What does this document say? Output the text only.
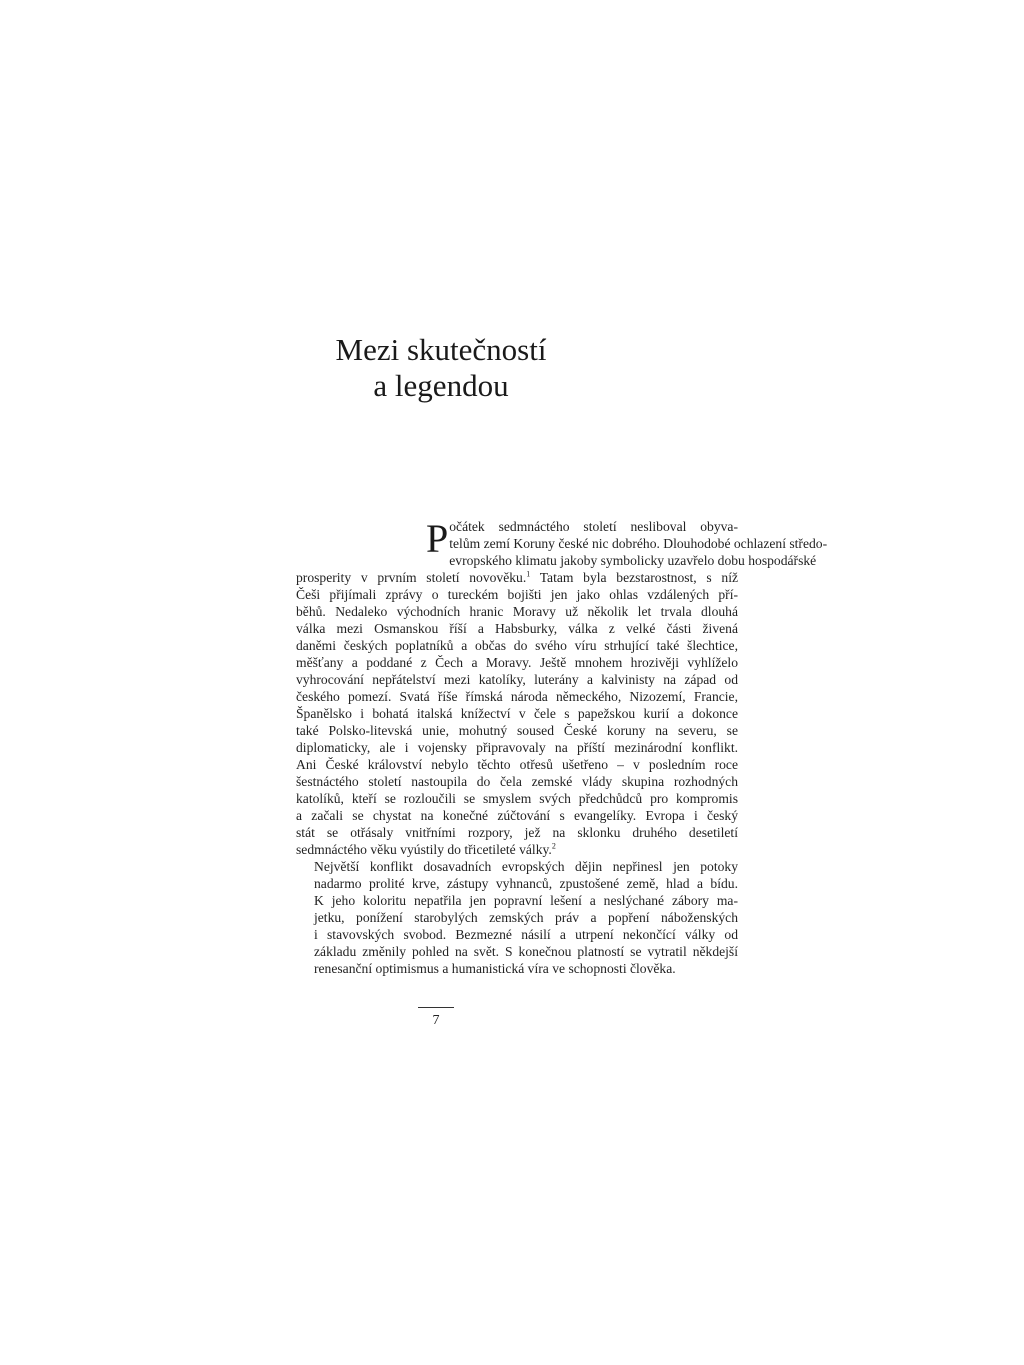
Mezi skutečností
a legendou
P očátek sedmnáctého století nesliboval obyva-
telům zemí Koruny české nic dobrého. Dlouhodobé ochlazení středo-
evropského klimatu jakoby symbolicky uzavřelo dobu hospodářské
prosperity v prvním století novověku.$^1$ Tatam byla bezstarostnost, s níž
Češi přijímali zprávy o tureckém bojišti jen jako ohlas vzdálených pří-
běhů. Nedaleko východních hranic Moravy už několik let trvala dlouhá
válka mezi Osmanskou říší a Habsburky, válka z velké části živená
daněmi českých poplatníků a občas do svého víru strhující také šlechtice,
měšťany a poddané z Čech a Moravy. Ještě mnohem hrozivěji vyhlíželo
vyhrocování nepřátelství mezi katolíky, luterány a kalvinisty na západ od
českého pomezí. Svatá říše římská národa německého, Nizozemí, Francie,
Španělsko i bohatá italská knížectví v čele s papežskou kurií a dokonce
také Polsko-litevská unie, mohutný soused České koruny na severu, se
diplomaticky, ale i vojensky připravovaly na příští mezinárodní konflikt.
Ani České království nebylo těchto otřesů ušetřeno – v posledním roce
šestnáctého století nastoupila do čela zemské vlády skupina rozhodných
katolíků, kteří se rozloučili se smyslem svých předchůdců pro kompromis
a začali se chystat na konečné zúčtování s evangelíky. Evropa i český
stát se otřásaly vnitřními rozpory, jež na sklonku druhého desetiletí
sedmnáctého věku vyústily do třicetileté války.$^2$
Největší konflikt dosavadních evropských dějin nepřinesl jen potoky
nadarmo prolité krve, zástupy vyhnanců, zpustošené země, hlad a bídu.
K jeho koloritu nepatřila jen popravní lešení a neslýchané zábory ma-
jetku, ponížení starobylých zemských práv a popření náboženských
i stavovských svobod. Bezmezné násilí a utrpení nekončící války od
základu změnily pohled na svět. S konečnou platností se vytratil někdejší
renesanční optimismus a humanistická víra ve schopnosti člověka.
7
